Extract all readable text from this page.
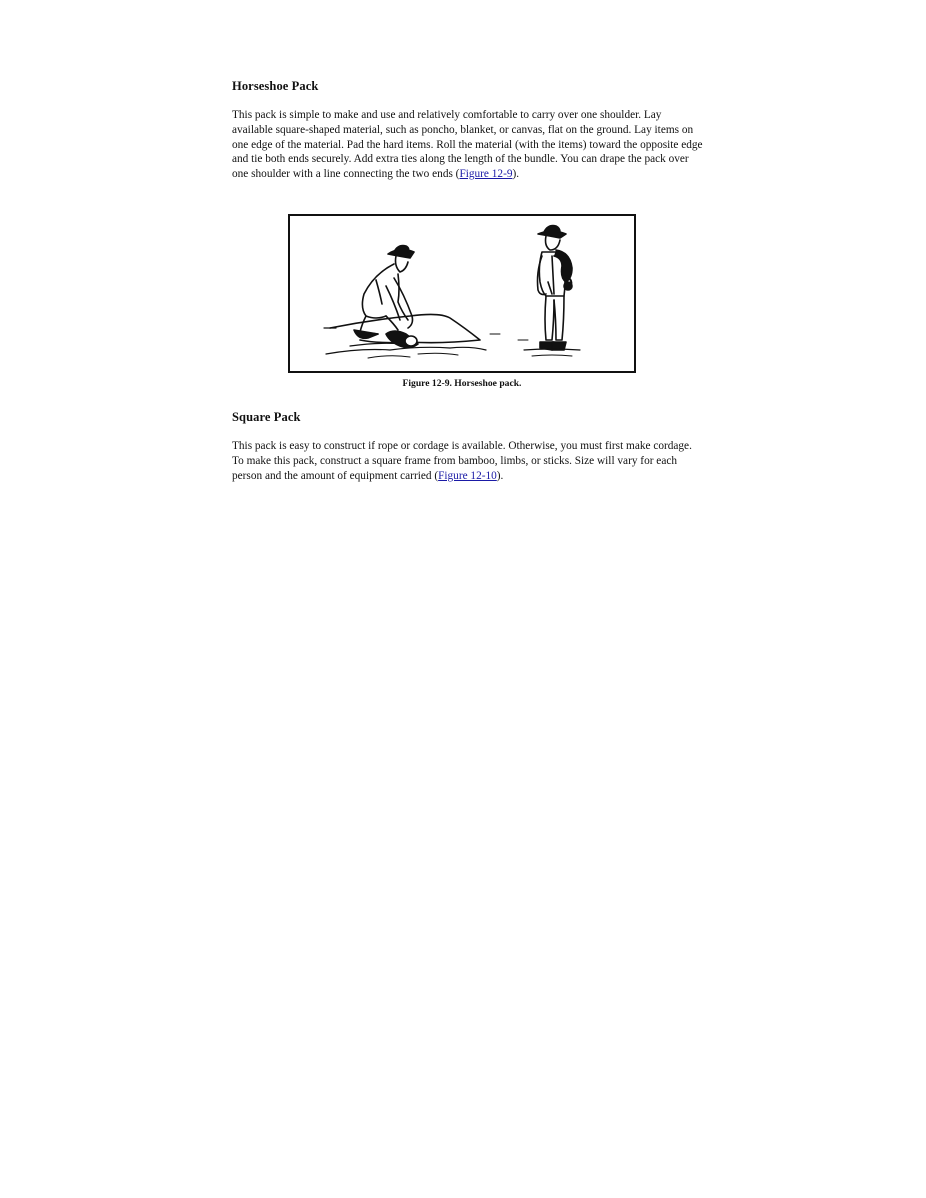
Horseshoe Pack

This pack is simple to make and use and relatively comfortable to carry over one shoulder. Lay available square-shaped material, such as poncho, blanket, or canvas, flat on the ground. Lay items on one edge of the material. Pad the hard items. Roll the material (with the items) toward the opposite edge and tie both ends securely. Add extra ties along the length of the bundle. You can drape the pack over one shoulder with a line connecting the two ends (Figure 12-9).

Figure 12-9. Horseshoe pack.
Square Pack

This pack is easy to construct if rope or cordage is available. Otherwise, you must first make cordage. To make this pack, construct a square frame from bamboo, limbs, or sticks. Size will vary for each person and the amount of equipment carried (Figure 12-10).
